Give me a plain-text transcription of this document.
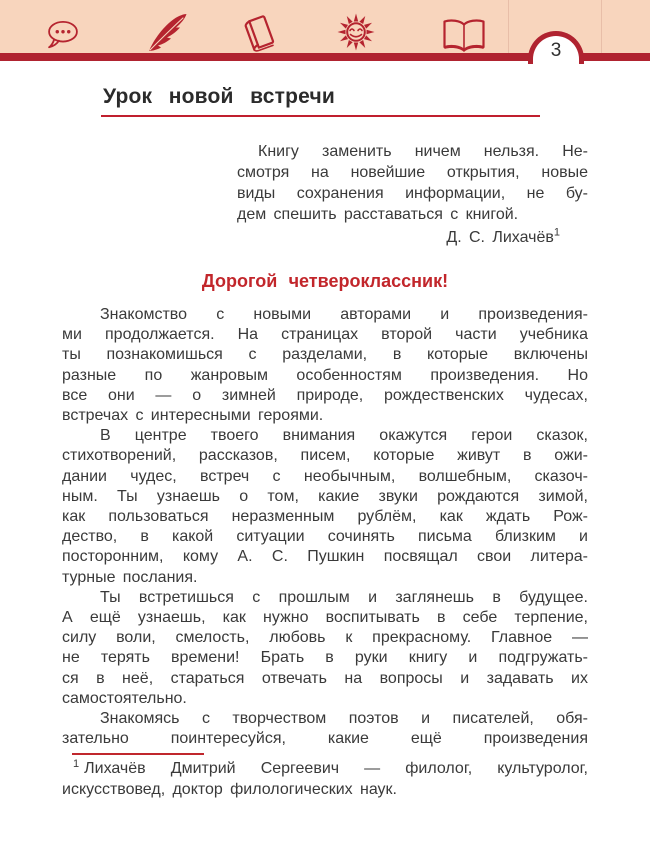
3
Урок новой встречи
Книгу заменить ничем нельзя. Не-
смотря на новейшие открытия, новые
виды сохранения информации, не бу-
дем спешить расставаться с книгой.
Д. С. Лихачёв$^1$
Дорогой четвероклассник!
Знакомство с новыми авторами и произведения-
ми продолжается. На страницах второй части учебника
ты познакомишься с разделами, в которые включены
разные по жанровым особенностям произведения. Но
все они — о зимней природе, рождественских чудесах,
встречах с интересными героями.
В центре твоего внимания окажутся герои сказок,
стихотворений, рассказов, писем, которые живут в ожи-
дании чудес, встреч с необычным, волшебным, сказоч-
ным. Ты узнаешь о том, какие звуки рождаются зимой,
как пользоваться неразменным рублём, как ждать Рож-
дество, в какой ситуации сочинять письма близким и
посторонним, кому А. С. Пушкин посвящал свои литера-
турные послания.
Ты встретишься с прошлым и заглянешь в будущее.
А ещё узнаешь, как нужно воспитывать в себе терпение,
силу воли, смелость, любовь к прекрасному. Главное —
не терять времени! Брать в руки книгу и подгружать-
ся в неё, стараться отвечать на вопросы и задавать их
самостоятельно.
Знакомясь с творчеством поэтов и писателей, обя-
зательно поинтересуйся, какие ещё произведения
$^1$ Лихачёв Дмитрий Сергеевич — филолог, культуролог,
искусствовед, доктор филологических наук.
